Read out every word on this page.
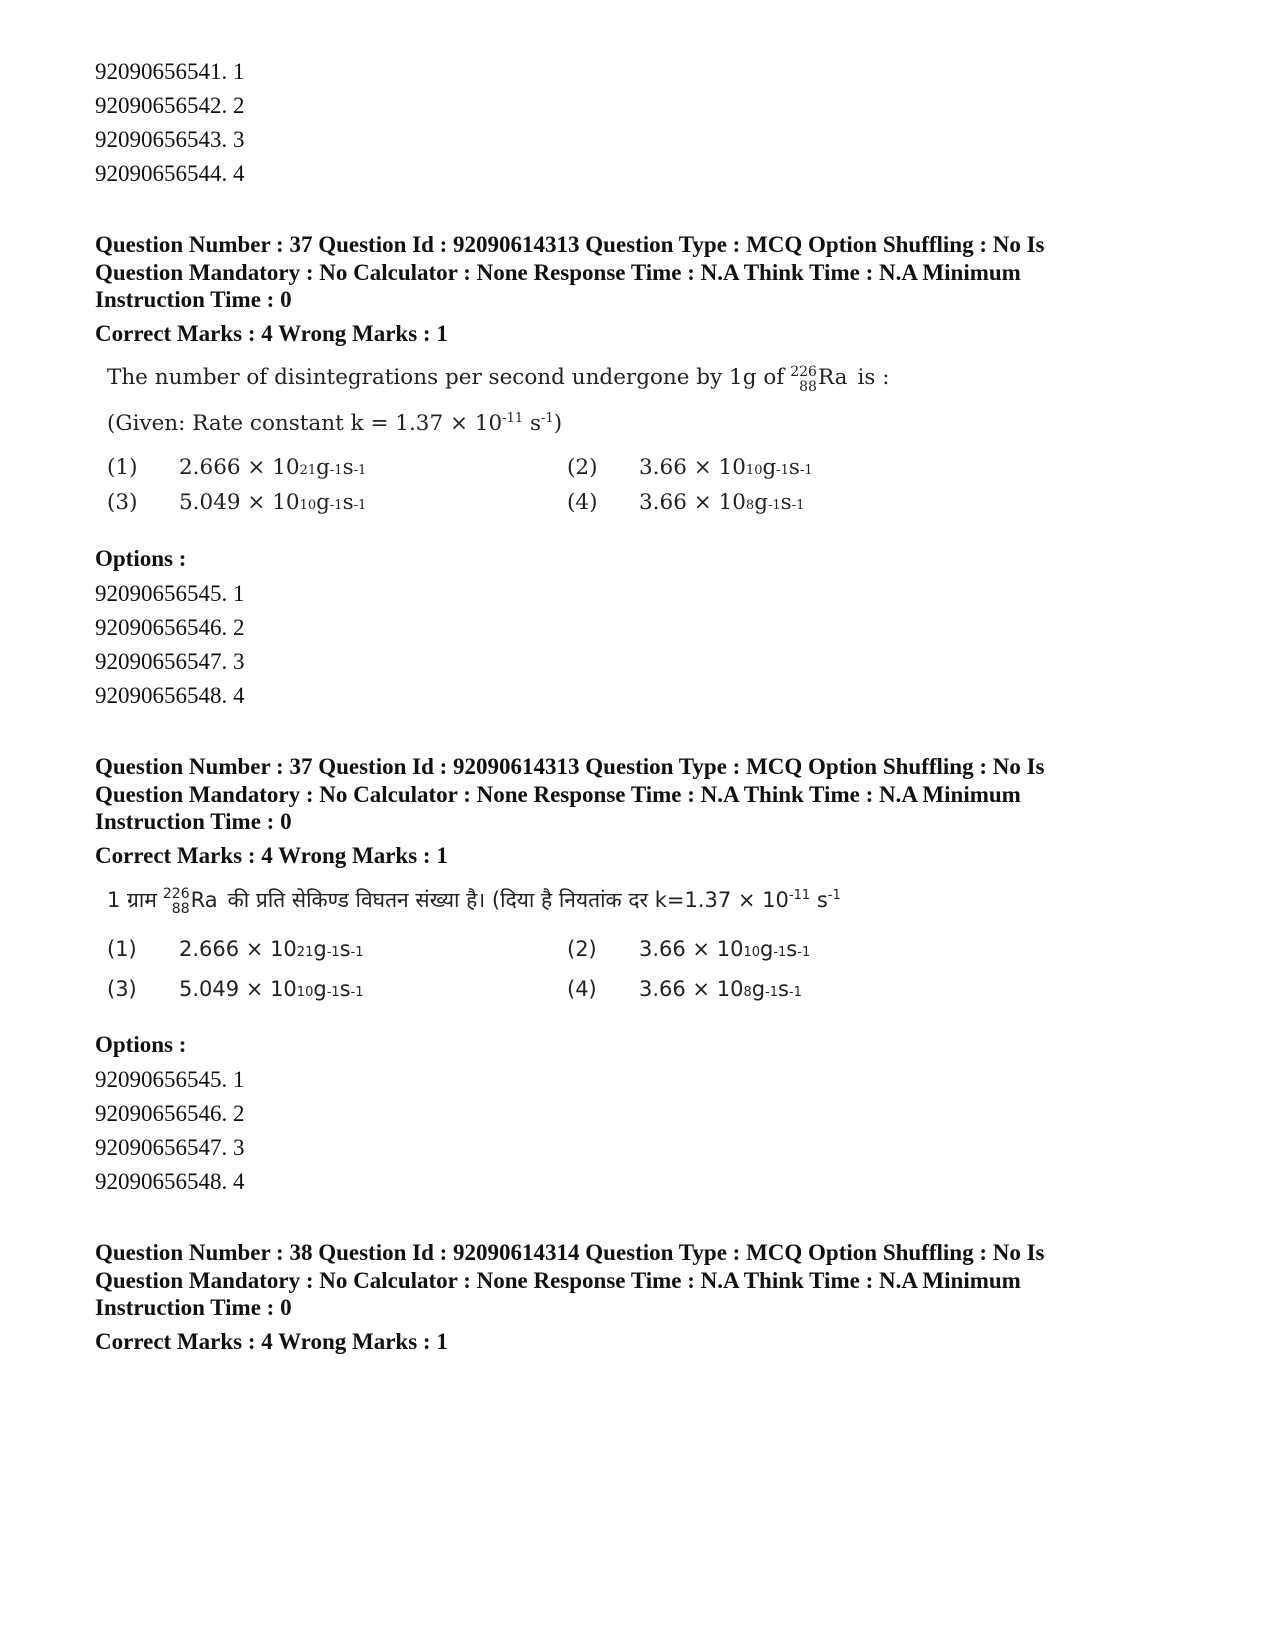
92090656541. 1

92090656542. 2

92090656543. 3

92090656544. 4

Question Number : 37 Question Id : 92090614313 Question Type : MCQ Option Shuffling : No Is

Question Mandatory : No Calculator : None Response Time : N.A Think Time : N.A Minimum

Instruction Time : 0

Correct Marks : 4 Wrong Marks : 1

The number of disintegrations per second undergone by 1g of 226
88 Ra is :
(Given: Rate constant $k = 1.37 \times 10^{-11}$ $s^{-1}$)
(1)	2.666 × 10 21 g -1 s -1	(2)	3.66 × 10 10 g -1 s -1
(3)	5.049 × 10 10 g -1 s -1	(4)	3.66 × 10 8 g -1 s -1

Options :

92090656545. 1

92090656546. 2

92090656547. 3

92090656548. 4

Question Number : 37 Question Id : 92090614313 Question Type : MCQ Option Shuffling : No Is

Question Mandatory : No Calculator : None Response Time : N.A Think Time : N.A Minimum

Instruction Time : 0

Correct Marks : 4 Wrong Marks : 1

1 ग्राम 226
88 Ra की प्रति सेकिण्ड विघतन संख्या है। (दिया है नियतांक दर $k=1.37 \times 10^{-11}$ $s^{-1}$
(1)	2.666 × 10 21 g -1 s -1	(2)	3.66 × 10 10 g -1 s -1
(3)	5.049 × 10 10 g -1 s -1	(4)	3.66 × 10 8 g -1 s -1

Options :

92090656545. 1

92090656546. 2

92090656547. 3

92090656548. 4

Question Number : 38 Question Id : 92090614314 Question Type : MCQ Option Shuffling : No Is

Question Mandatory : No Calculator : None Response Time : N.A Think Time : N.A Minimum

Instruction Time : 0

Correct Marks : 4 Wrong Marks : 1
